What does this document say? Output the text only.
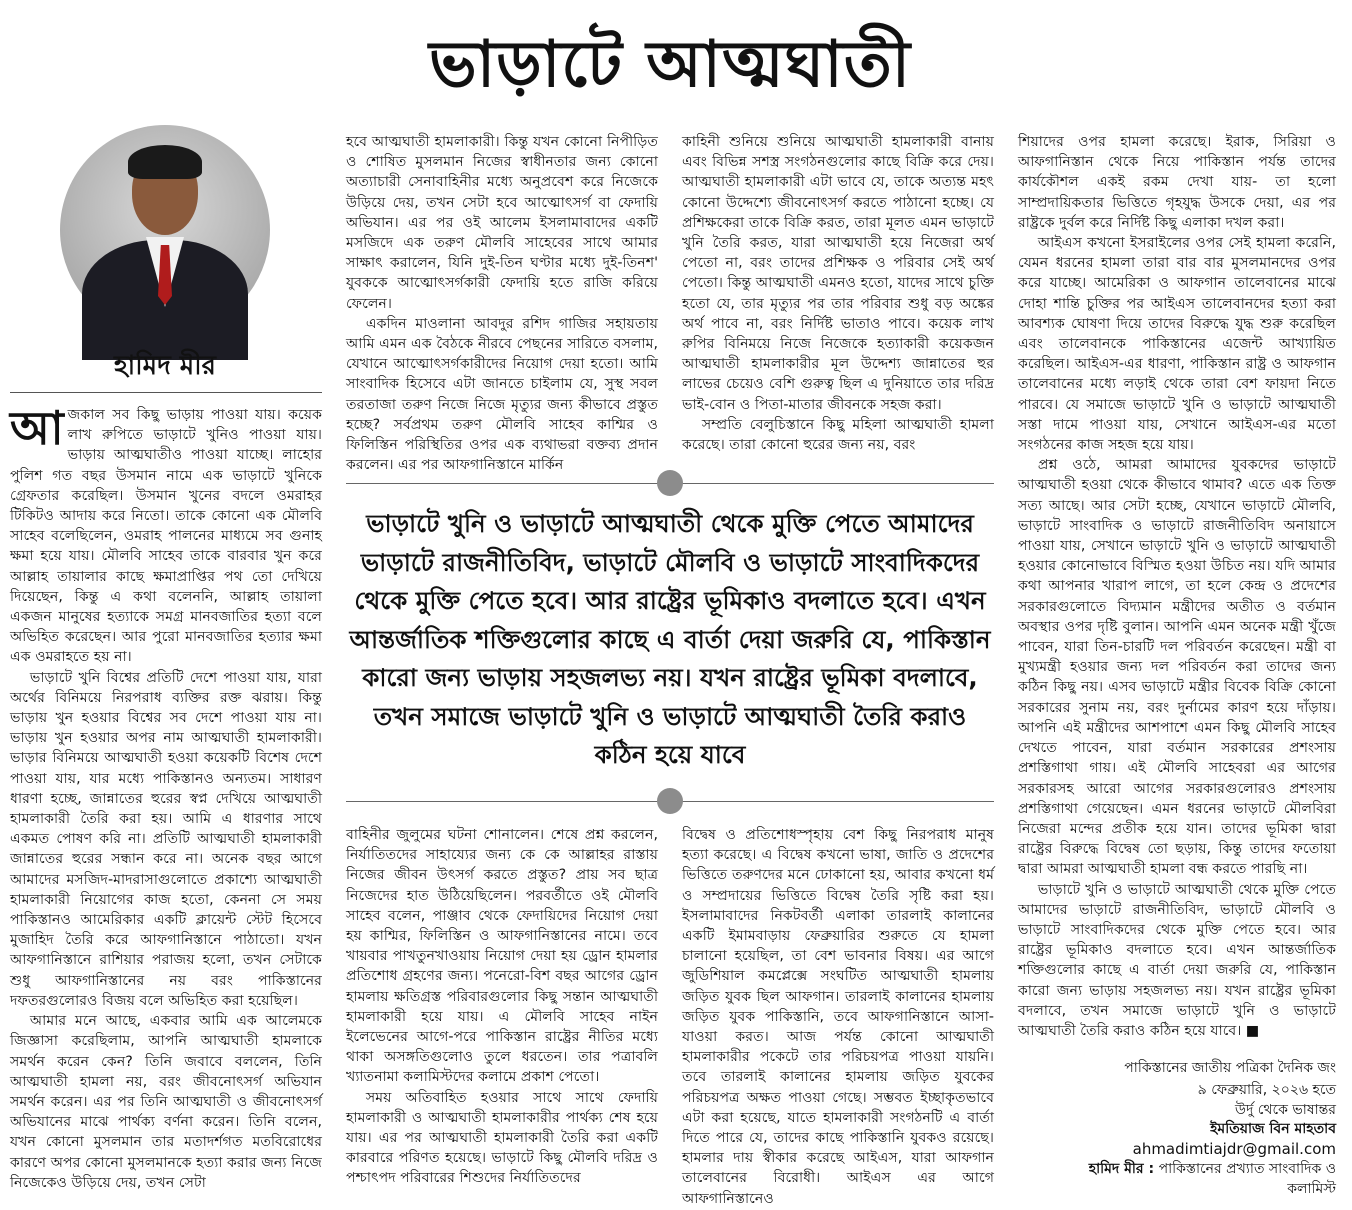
ভাড়াটে আত্মঘাতী
হামিদ মীর

আজকাল সব কিছু ভাড়ায় পাওয়া যায়। কয়েক লাখ রুপিতে ভাড়াটে খুনিও পাওয়া যায়। ভাড়ায় আত্মঘাতীও পাওয়া যাচ্ছে। লাহোর পুলিশ গত বছর উসমান নামে এক ভাড়াটে খুনিকে গ্রেফতার করেছিল। উসমান খুনের বদলে ওমরাহর টিকিটও আদায় করে নিতো। তাকে কোনো এক মৌলবি সাহেব বলেছিলেন, ওমরাহ পালনের মাধ্যমে সব গুনাহ ক্ষমা হয়ে যায়। মৌলবি সাহেব তাকে বারবার খুন করে আল্লাহ তায়ালার কাছে ক্ষমাপ্রাপ্তির পথ তো দেখিয়ে দিয়েছেন, কিন্তু এ কথা বলেননি, আল্লাহ তায়ালা একজন মানুষের হত্যাকে সমগ্র মানবজাতির হত্যা বলে অভিহিত করেছেন। আর পুরো মানবজাতির হত্যার ক্ষমা এক ওমরাহতে হয় না।

ভাড়াটে খুনি বিশ্বের প্রতিটি দেশে পাওয়া যায়, যারা অর্থের বিনিময়ে নিরপরাধ ব্যক্তির রক্ত ঝরায়। কিন্তু ভাড়ায় খুন হওয়ার বিশ্বের সব দেশে পাওয়া যায় না। ভাড়ায় খুন হওয়ার অপর নাম আত্মঘাতী হামলাকারী। ভাড়ার বিনিময়ে আত্মঘাতী হওয়া কয়েকটি বিশেষ দেশে পাওয়া যায়, যার মধ্যে পাকিস্তানও অন্যতম। সাধারণ ধারণা হচ্ছে, জান্নাতের হুরের স্বপ্ন দেখিয়ে আত্মঘাতী হামলাকারী তৈরি করা হয়। আমি এ ধারণার সাথে একমত পোষণ করি না। প্রতিটি আত্মঘাতী হামলাকারী জান্নাতের হুরের সন্ধান করে না। অনেক বছর আগে আমাদের মসজিদ-মাদরাসাগুলোতে প্রকাশ্যে আত্মঘাতী হামলাকারী নিয়োগের কাজ হতো, কেননা সে সময় পাকিস্তানও আমেরিকার একটি ক্লায়েন্ট স্টেট হিসেবে মুজাহিদ তৈরি করে আফগানিস্তানে পাঠাতো। যখন আফগানিস্তানে রাশিয়ার পরাজয় হলো, তখন সেটাকে শুধু আফগানিস্তানের নয় বরং পাকিস্তানের দফতরগুলোরও বিজয় বলে অভিহিত করা হয়েছিল।

আমার মনে আছে, একবার আমি এক আলেমকে জিজ্ঞাসা করেছিলাম, আপনি আত্মঘাতী হামলাকে সমর্থন করেন কেন? তিনি জবাবে বললেন, তিনি আত্মঘাতী হামলা নয়, বরং জীবনোৎসর্গ অভিযান সমর্থন করেন। এর পর তিনি আত্মঘাতী ও জীবনোৎসর্গ অভিযানের মাঝে পার্থক্য বর্ণনা করেন। তিনি বলেন, যখন কোনো মুসলমান তার মতাদর্শগত মতবিরোধের কারণে অপর কোনো মুসলমানকে হত্যা করার জন্য নিজে নিজেকেও উড়িয়ে দেয়, তখন সেটা

হবে আত্মঘাতী হামলাকারী। কিন্তু যখন কোনো নিপীড়িত ও শোষিত মুসলমান নিজের স্বাধীনতার জন্য কোনো অত্যাচারী সেনাবাহিনীর মধ্যে অনুপ্রবেশ করে নিজেকে উড়িয়ে দেয়, তখন সেটা হবে আত্মোৎসর্গ বা ফেদায়ি অভিযান। এর পর ওই আলেম ইসলামাবাদের একটি মসজিদে এক তরুণ মৌলবি সাহেবের সাথে আমার সাক্ষাৎ করালেন, যিনি দুই-তিন ঘণ্টার মধ্যে দুই-তিনশ' যুবককে আত্মোৎসর্গকারী ফেদায়ি হতে রাজি করিয়ে ফেলেন।

একদিন মাওলানা আবদুর রশিদ গাজির সহায়তায় আমি এমন এক বৈঠকে নীরবে পেছনের সারিতে বসলাম, যেখানে আত্মোৎসর্গকারীদের নিয়োগ দেয়া হতো। আমি সাংবাদিক হিসেবে এটা জানতে চাইলাম যে, সুস্থ সবল তরতাজা তরুণ নিজে নিজে মৃত্যুর জন্য কীভাবে প্রস্তুত হচ্ছে? সর্বপ্রথম তরুণ মৌলবি সাহেব কাশ্মির ও ফিলিস্তিন পরিস্থিতির ওপর এক ব্যথাভরা বক্তব্য প্রদান করলেন। এর পর আফগানিস্তানে মার্কিন

কাহিনী শুনিয়ে শুনিয়ে আত্মঘাতী হামলাকারী বানায় এবং বিভিন্ন সশস্ত্র সংগঠনগুলোর কাছে বিক্রি করে দেয়। আত্মঘাতী হামলাকারী এটা ভাবে যে, তাকে অত্যন্ত মহৎ কোনো উদ্দেশ্যে জীবনোৎসর্গ করতে পাঠানো হচ্ছে। যে প্রশিক্ষকেরা তাকে বিক্রি করত, তারা মূলত এমন ভাড়াটে খুনি তৈরি করত, যারা আত্মঘাতী হয়ে নিজেরা অর্থ পেতো না, বরং তাদের প্রশিক্ষক ও পরিবার সেই অর্থ পেতো। কিন্তু আত্মঘাতী এমনও হতো, যাদের সাথে চুক্তি হতো যে, তার মৃত্যুর পর তার পরিবার শুধু বড় অঙ্কের অর্থ পাবে না, বরং নির্দিষ্ট ভাতাও পাবে। কয়েক লাখ রুপির বিনিময়ে নিজে নিজেকে হত্যাকারী কয়েকজন আত্মঘাতী হামলাকারীর মূল উদ্দেশ্য জান্নাতের হুর লাভের চেয়েও বেশি গুরুত্ব ছিল এ দুনিয়াতে তার দরিদ্র ভাই-বোন ও পিতা-মাতার জীবনকে সহজ করা।

সম্প্রতি বেলুচিস্তানে কিছু মহিলা আত্মঘাতী হামলা করেছে। তারা কোনো হুরের জন্য নয়, বরং

ভাড়াটে খুনি ও ভাড়াটে আত্মঘাতী থেকে মুক্তি পেতে আমাদের ভাড়াটে রাজনীতিবিদ, ভাড়াটে মৌলবি ও ভাড়াটে সাংবাদিকদের থেকে মুক্তি পেতে হবে। আর রাষ্ট্রের ভূমিকাও বদলাতে হবে। এখন আন্তর্জাতিক শক্তিগুলোর কাছে এ বার্তা দেয়া জরুরি যে, পাকিস্তান কারো জন্য ভাড়ায় সহজলভ্য নয়। যখন রাষ্ট্রের ভূমিকা বদলাবে, তখন সমাজে ভাড়াটে খুনি ও ভাড়াটে আত্মঘাতী তৈরি করাও কঠিন হয়ে যাবে

বাহিনীর জুলুমের ঘটনা শোনালেন। শেষে প্রশ্ন করলেন, নির্যাতিতদের সাহায্যের জন্য কে কে আল্লাহর রাস্তায় নিজের জীবন উৎসর্গ করতে প্রস্তুত? প্রায় সব ছাত্র নিজেদের হাত উঠিয়েছিলেন। পরবর্তীতে ওই মৌলবি সাহেব বলেন, পাঞ্জাব থেকে ফেদায়িদের নিয়োগ দেয়া হয় কাশ্মির, ফিলিস্তিন ও আফগানিস্তানের নামে। তবে খায়বার পাখতুনখাওয়ায় নিয়োগ দেয়া হয় ড্রোন হামলার প্রতিশোধ গ্রহণের জন্য। পনেরো-বিশ বছর আগের ড্রোন হামলায় ক্ষতিগ্রস্ত পরিবারগুলোর কিছু সন্তান আত্মঘাতী হামলাকারী হয়ে যায়। এ মৌলবি সাহেব নাইন ইলেভেনের আগে-পরে পাকিস্তান রাষ্ট্রের নীতির মধ্যে থাকা অসঙ্গতিগুলোও তুলে ধরতেন। তার পত্রাবলি খ্যাতনামা কলামিস্টদের কলামে প্রকাশ পেতো।

সময় অতিবাহিত হওয়ার সাথে সাথে ফেদায়ি হামলাকারী ও আত্মঘাতী হামলাকারীর পার্থক্য শেষ হয়ে যায়। এর পর আত্মঘাতী হামলাকারী তৈরি করা একটি কারবারে পরিণত হয়েছে। ভাড়াটে কিছু মৌলবি দরিদ্র ও পশ্চাৎপদ পরিবারের শিশুদের নির্যাতিতদের

বিদ্বেষ ও প্রতিশোধস্পৃহায় বেশ কিছু নিরপরাধ মানুষ হত্যা করেছে। এ বিদ্বেষ কখনো ভাষা, জাতি ও প্রদেশের ভিত্তিতে তরুণদের মনে ঢোকানো হয়, আবার কখনো ধর্ম ও সম্প্রদায়ের ভিত্তিতে বিদ্বেষ তৈরি সৃষ্টি করা হয়। ইসলামাবাদের নিকটবর্তী এলাকা তারলাই কালানের একটি ইমামবাড়ায় ফেব্রুয়ারির শুরুতে যে হামলা চালানো হয়েছিল, তা বেশ ভাবনার বিষয়। এর আগে জুডিশিয়াল কমপ্লেক্সে সংঘটিত আত্মঘাতী হামলায় জড়িত যুবক ছিল আফগান। তারলাই কালানের হামলায় জড়িত যুবক পাকিস্তানি, তবে আফগানিস্তানে আসা-যাওয়া করত। আজ পর্যন্ত কোনো আত্মঘাতী হামলাকারীর পকেটে তার পরিচয়পত্র পাওয়া যায়নি। তবে তারলাই কালানের হামলায় জড়িত যুবকের পরিচয়পত্র অক্ষত পাওয়া গেছে। সম্ভবত ইচ্ছাকৃতভাবে এটা করা হয়েছে, যাতে হামলাকারী সংগঠনটি এ বার্তা দিতে পারে যে, তাদের কাছে পাকিস্তানি যুবকও রয়েছে। হামলার দায় স্বীকার করেছে আইএস, যারা আফগান তালেবানের বিরোধী। আইএস এর আগে আফগানিস্তানেও

শিয়াদের ওপর হামলা করেছে। ইরাক, সিরিয়া ও আফগানিস্তান থেকে নিয়ে পাকিস্তান পর্যন্ত তাদের কার্যকৌশল একই রকম দেখা যায়- তা হলো সাম্প্রদায়িকতার ভিত্তিতে গৃহযুদ্ধ উসকে দেয়া, এর পর রাষ্ট্রকে দুর্বল করে নির্দিষ্ট কিছু এলাকা দখল করা।

আইএস কখনো ইসরাইলের ওপর সেই হামলা করেনি, যেমন ধরনের হামলা তারা বার বার মুসলমানদের ওপর করে যাচ্ছে। আমেরিকা ও আফগান তালেবানের মাঝে দোহা শান্তি চুক্তির পর আইএস তালেবানদের হত্যা করা আবশ্যক ঘোষণা দিয়ে তাদের বিরুদ্ধে যুদ্ধ শুরু করেছিল এবং তালেবানকে পাকিস্তানের এজেন্ট আখ্যায়িত করেছিল। আইএস-এর ধারণা, পাকিস্তান রাষ্ট্র ও আফগান তালেবানের মধ্যে লড়াই থেকে তারা বেশ ফায়দা নিতে পারবে। যে সমাজে ভাড়াটে খুনি ও ভাড়াটে আত্মঘাতী সস্তা দামে পাওয়া যায়, সেখানে আইএস-এর মতো সংগঠনের কাজ সহজ হয়ে যায়।

প্রশ্ন ওঠে, আমরা আমাদের যুবকদের ভাড়াটে আত্মঘাতী হওয়া থেকে কীভাবে থামাব? এতে এক তিক্ত সত্য আছে। আর সেটা হচ্ছে, যেখানে ভাড়াটে মৌলবি, ভাড়াটে সাংবাদিক ও ভাড়াটে রাজনীতিবিদ অনায়াসে পাওয়া যায়, সেখানে ভাড়াটে খুনি ও ভাড়াটে আত্মঘাতী হওয়ার কোনোভাবে বিস্মিত হওয়া উচিত নয়। যদি আমার কথা আপনার খারাপ লাগে, তা হলে কেন্দ্র ও প্রদেশের সরকারগুলোতে বিদ্যমান মন্ত্রীদের অতীত ও বর্তমান অবস্থার ওপর দৃষ্টি বুলান। আপনি এমন অনেক মন্ত্রী খুঁজে পাবেন, যারা তিন-চারটি দল পরিবর্তন করেছেন। মন্ত্রী বা মুখ্যমন্ত্রী হওয়ার জন্য দল পরিবর্তন করা তাদের জন্য কঠিন কিছু নয়। এসব ভাড়াটে মন্ত্রীর বিবেক বিক্রি কোনো সরকারের সুনাম নয়, বরং দুর্নামের কারণ হয়ে দাঁড়ায়। আপনি এই মন্ত্রীদের আশপাশে এমন কিছু মৌলবি সাহেব দেখতে পাবেন, যারা বর্তমান সরকারের প্রশংসায় প্রশস্তিগাথা গায়। এই মৌলবি সাহেবরা এর আগের সরকারসহ আরো আগের সরকারগুলোরও প্রশংসায় প্রশস্তিগাথা গেয়েছেন। এমন ধরনের ভাড়াটে মৌলবিরা নিজেরা মন্দের প্রতীক হয়ে যান। তাদের ভূমিকা দ্বারা রাষ্ট্রের বিরুদ্ধে বিদ্বেষ তো ছড়ায়, কিন্তু তাদের ফতোয়া দ্বারা আমরা আত্মঘাতী হামলা বন্ধ করতে পারছি না।

ভাড়াটে খুনি ও ভাড়াটে আত্মঘাতী থেকে মুক্তি পেতে আমাদের ভাড়াটে রাজনীতিবিদ, ভাড়াটে মৌলবি ও ভাড়াটে সাংবাদিকদের থেকে মুক্তি পেতে হবে। আর রাষ্ট্রের ভূমিকাও বদলাতে হবে। এখন আন্তর্জাতিক শক্তিগুলোর কাছে এ বার্তা দেয়া জরুরি যে, পাকিস্তান কারো জন্য ভাড়ায় সহজলভ্য নয়। যখন রাষ্ট্রের ভূমিকা বদলাবে, তখন সমাজে ভাড়াটে খুনি ও ভাড়াটে আত্মঘাতী তৈরি করাও কঠিন হয়ে যাবে। ■

পাকিস্তানের জাতীয় পত্রিকা দৈনিক জং
৯ ফেব্রুয়ারি, ২০২৬ হতে
উর্দু থেকে ভাষান্তর
ইমতিয়াজ বিন মাহতাব
ahmadimtiajdr@gmail.com
হামিদ মীর : পাকিস্তানের প্রখ্যাত সাংবাদিক ও কলামিস্ট
